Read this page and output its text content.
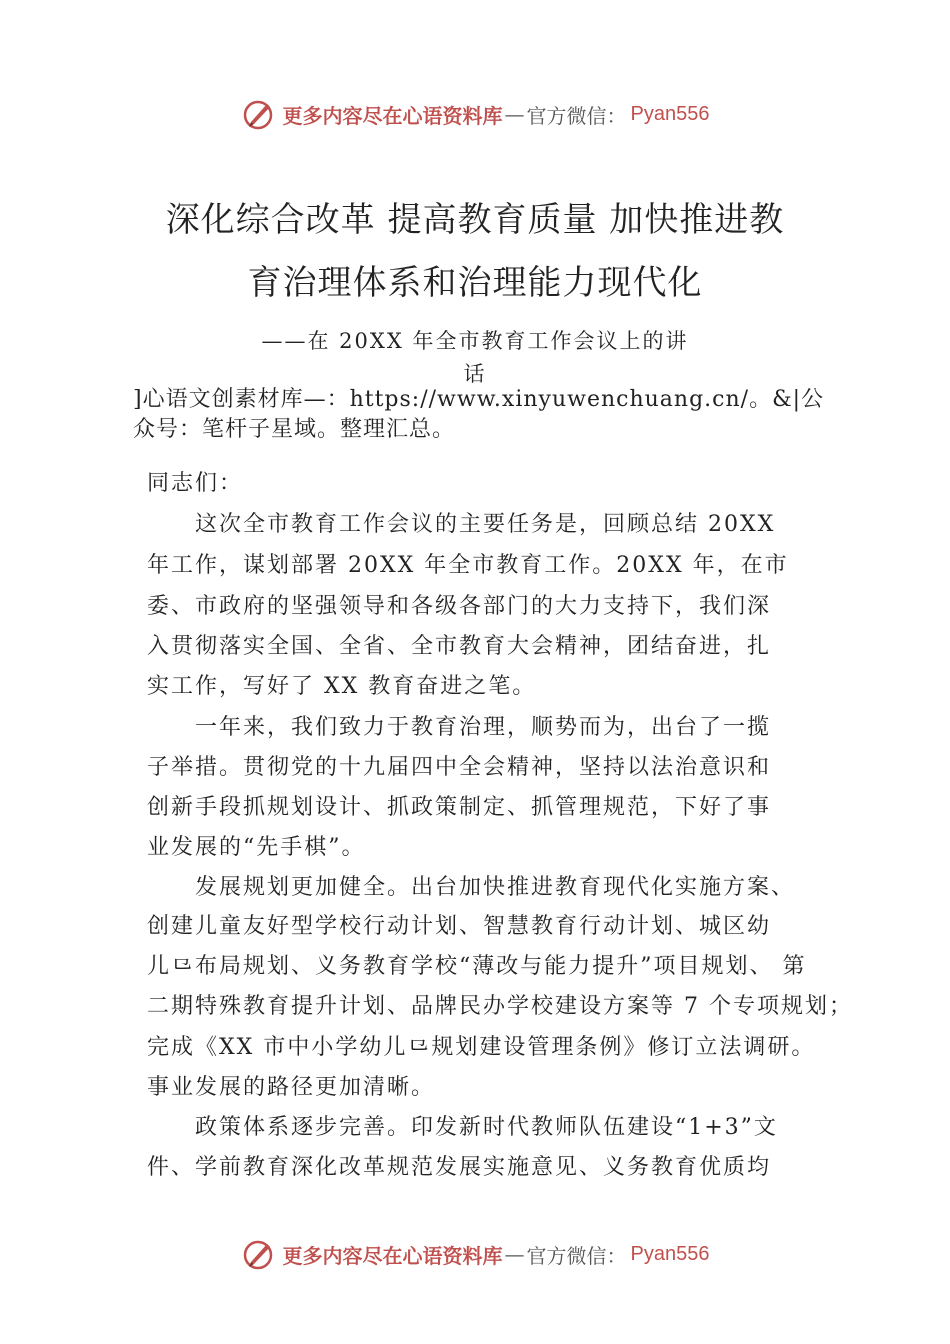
更多内容尽在心语资料库 — 官方微信： Pyan556
深化综合改革 提高教育质量 加快推进教
育治理体系和治理能力现代化
——在 20XX 年全市教育工作会议上的讲
话
]心语文创素材库—：https://www.xinyuwenchuang.cn/。&|公
众号：笔杆子星域。整理汇总。
同志们：
　　这次全市教育工作会议的主要任务是，回顾总结 20XX
年工作，谋划部署 20XX 年全市教育工作。20XX 年，在市
委、市政府的坚强领导和各级各部门的大力支持下，我们深
入贯彻落实全国、全省、全市教育大会精神，团结奋进，扎
实工作，写好了 XX 教育奋进之笔。
　　一年来，我们致力于教育治理，顺势而为，出台了一揽
子举措。贯彻党的十九届四中全会精神，坚持以法治意识和
创新手段抓规划设计、抓政策制定、抓管理规范，下好了事
业发展的“先手棋”。
　　发展规划更加健全。出台加快推进教育现代化实施方案、
创建儿童友好型学校行动计划、智慧教育行动计划、城区幼
儿⺋布局规划、义务教育学校“薄改与能力提升”项目规划、 第
二期特殊教育提升计划、品牌民办学校建设方案等 7 个专项规划；
完成《XX 市中小学幼儿⺋规划建设管理条例》修订立法调研。
事业发展的路径更加清晰。
　　政策体系逐步完善。印发新时代教师队伍建设“1+3”文
件、学前教育深化改革规范发展实施意见、义务教育优质均
更多内容尽在心语资料库 — 官方微信： Pyan556
